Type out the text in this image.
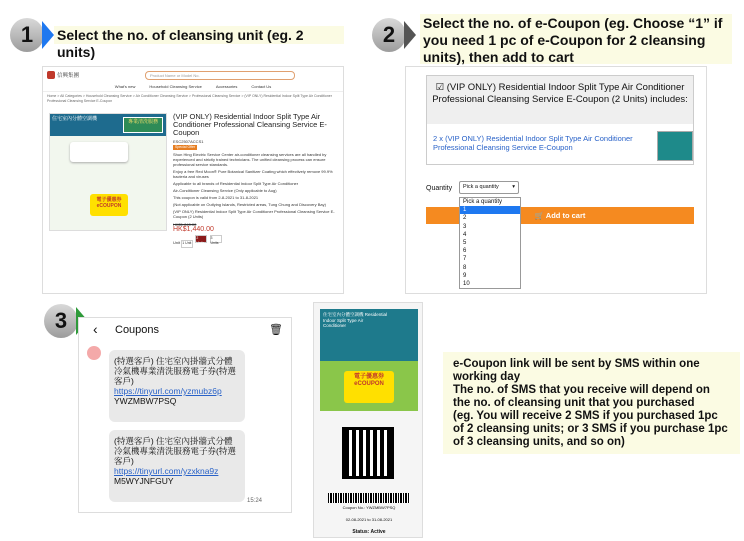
1	Select the no. of cleansing unit (eg. 2 units)
2	Select the no. of e-Coupon (eg. Choose “1” if you need 1 pc of e-Coupon for 2 cleansing units), then add to cart
信興集團	Product Name or Model No.
What's new	Household Cleansing Service	Accessories	Contact Us
Home > All Categories > Household Cleansing Service > Air Conditioner Cleansing Service > Professional Cleansing Service > (VIP ONLY) Residential Indoor Split Type Air Conditioner Professional Cleansing Service E-Coupon
住宅室內分體空調機	專業清洗服務
電子優惠券 eCOUPON
(VIP ONLY) Residential Indoor Split Type Air Conditioner Professional Cleansing Service E-Coupon
ESC2507ACCS1
Special Offer
Shun Hing Electric Service Center air-conditioner cleansing services are all handled by experienced and strictly trained technicians. The unified cleansing process can ensure professional service standards.
Enjoy a free Red Moon® Pure Botanical Sanitizer Coating which effectively remove 99.9% bacteria and viruses
Applicable to all brands of Residential Indoor Split Type Air Conditioner
Air-Conditioner Cleansing Service (Only applicable to Aug)
This coupon is valid from 2-8-2021 to 31-8-2021
(Not applicable on Outlying Islands, Restricted areas, Tung Chung and Discovery Bay)
(VIP ONLY) Residential Indoor Split Type Air Conditioner Professional Cleansing Service E-Coupon (2 Units)
HK$1,840.00
HK$1,440.00
Unit 1 Unit 2 Units 3 Units
☑ (VIP ONLY) Residential Indoor Split Type Air Conditioner Professional Cleansing Service E-Coupon (2 Units) includes:
2 x (VIP ONLY) Residential Indoor Split Type Air Conditioner Professional Cleansing Service E-Coupon
Quantity	Pick a quantity ▾
🛒 Add to cart
Pick a quantity
1
2
3
4
5
6
7
8
9
10
3	‹ Coupons	🗑
(特選客戶) 住宅室內掛牆式分體冷氣機專業清洗服務電子券(特選客戶)
https://tinyurl.com/yzmubz6p
YWZMBW7PSQ
(特選客戶) 住宅室內掛牆式分體冷氣機專業清洗服務電子券(特選客戶)
https://tinyurl.com/yzxkna9z
M5WYJNFGUY
15:24
住宅室內分體空調機 Residential Indoor Split Type Air Conditioner
電子優惠券 eCOUPON
Coupon No.: YWZMBW7PSQ
02-08-2021 to 31-08-2021
Status: Active
e-Coupon link will be sent by SMS within one working day
The no. of SMS that you receive will depend on the no. of cleansing unit that you purchased
(eg. You will receive 2 SMS if you purchased 1pc of 2 cleansing units; or 3 SMS if you purchase 1pc of 3 cleansing units, and so on)
